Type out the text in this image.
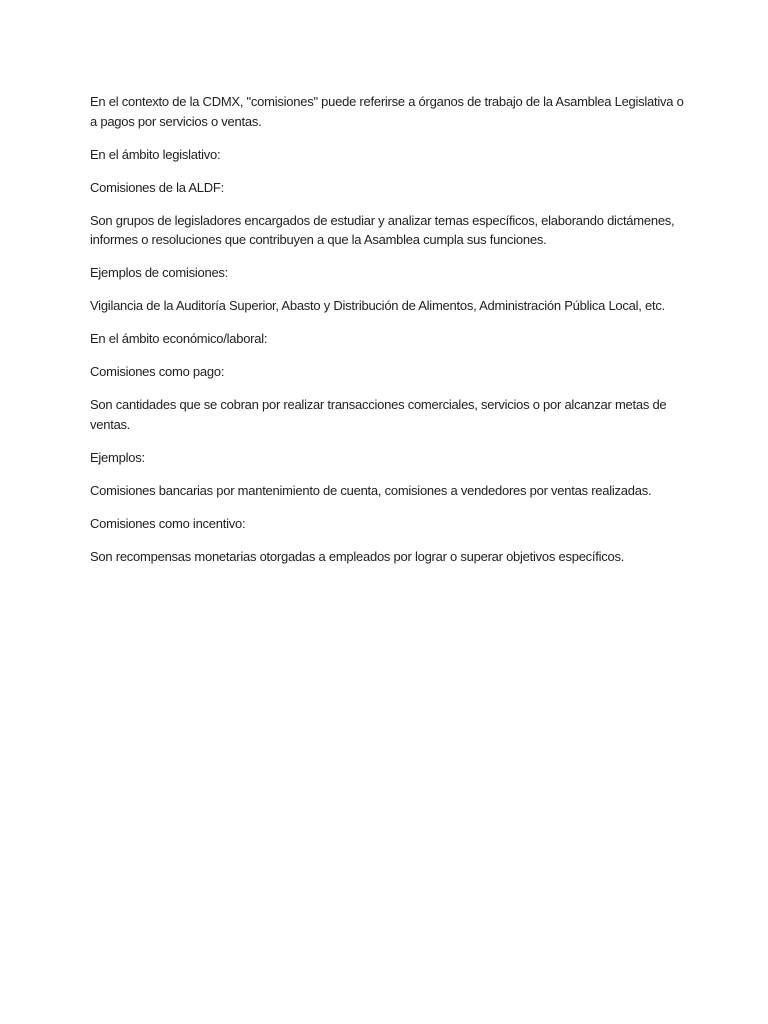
En el contexto de la CDMX, "comisiones" puede referirse a órganos de trabajo de la Asamblea Legislativa o a pagos por servicios o ventas.

En el ámbito legislativo:

Comisiones de la ALDF:

Son grupos de legisladores encargados de estudiar y analizar temas específicos, elaborando dictámenes, informes o resoluciones que contribuyen a que la Asamblea cumpla sus funciones.

Ejemplos de comisiones:

Vigilancia de la Auditoría Superior, Abasto y Distribución de Alimentos, Administración Pública Local, etc.

En el ámbito económico/laboral:

Comisiones como pago:

Son cantidades que se cobran por realizar transacciones comerciales, servicios o por alcanzar metas de ventas.

Ejemplos:

Comisiones bancarias por mantenimiento de cuenta, comisiones a vendedores por ventas realizadas.

Comisiones como incentivo:

Son recompensas monetarias otorgadas a empleados por lograr o superar objetivos específicos.
